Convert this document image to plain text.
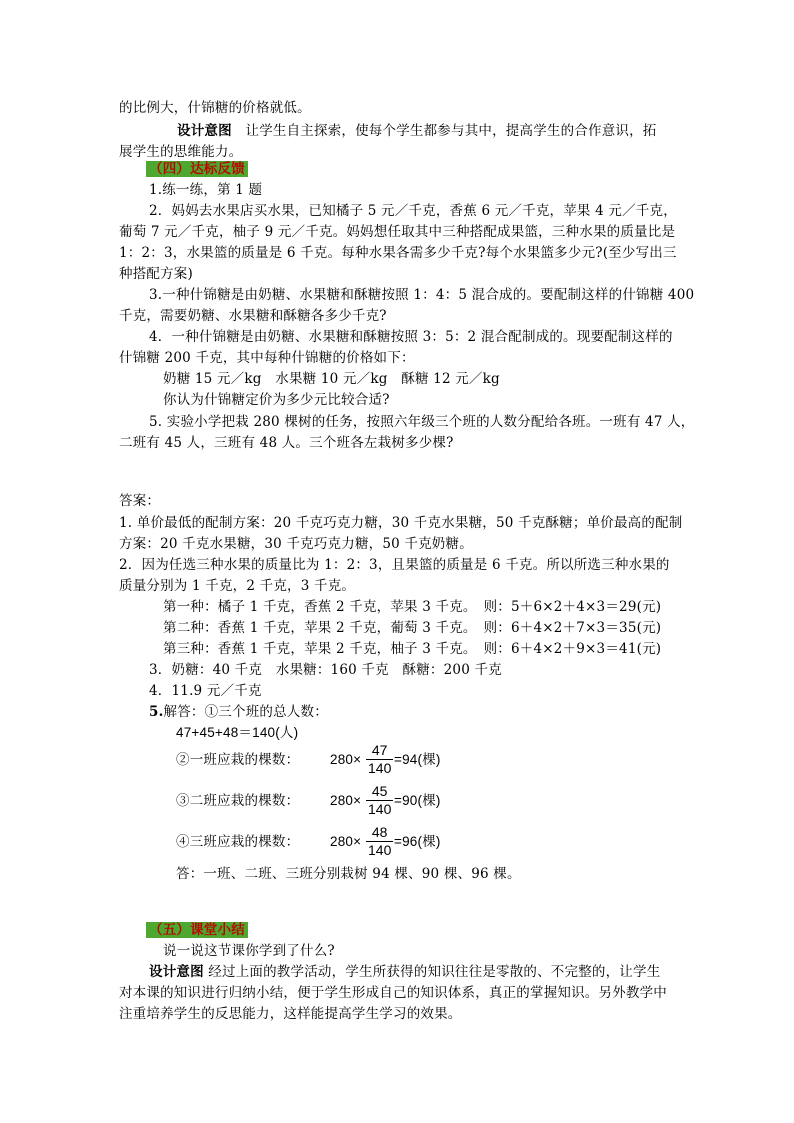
的比例大，什锦糖的价格就低。
设计意图　让学生自主探索，使每个学生都参与其中，提高学生的合作意识，拓
展学生的思维能力。
（四）达标反馈
1.练一练，第 1 题
2．妈妈去水果店买水果，已知橘子 5 元／千克，香蕉 6 元／千克，苹果 4 元／千克，
葡萄 7 元／千克，柚子 9 元／千克。妈妈想任取其中三种搭配成果篮，三种水果的质量比是
1：2：3，水果篮的质量是 6 千克。每种水果各需多少千克?每个水果篮多少元?(至少写出三
种搭配方案)
3.一种什锦糖是由奶糖、水果糖和酥糖按照 1：4：5 混合成的。要配制这样的什锦糖 400
千克，需要奶糖、水果糖和酥糖各多少千克?
4．一种什锦糖是由奶糖、水果糖和酥糖按照 3：5：2 混合配制成的。现要配制这样的
什锦糖 200 千克，其中每种什锦糖的价格如下：
奶糖 15 元／kg　水果糖 10 元／kg　酥糖 12 元／kg
你认为什锦糖定价为多少元比较合适?
5. 实验小学把栽 280 棵树的任务，按照六年级三个班的人数分配给各班。一班有 47 人，
二班有 45 人，三班有 48 人。三个班各左栽树多少棵?
答案：
1. 单价最低的配制方案：20 千克巧克力糖，30 千克水果糖，50 千克酥糖；单价最高的配制
方案：20 千克水果糖，30 千克巧克力糖，50 千克奶糖。
2．因为任选三种水果的质量比为 1：2：3，且果篮的质量是 6 千克。所以所选三种水果的
质量分别为 1 千克，2 千克，3 千克。
第一种：橘子 1 千克，香蕉 2 千克，苹果 3 千克。　则：5＋6×2＋4×3＝29(元)
第二种：香蕉 1 千克，苹果 2 千克，葡萄 3 千克。　则：6＋4×2＋7×3＝35(元)
第三种：香蕉 1 千克，苹果 2 千克，柚子 3 千克。　则：6＋4×2＋9×3＝41(元)
3．奶糖：40 千克　水果糖：160 千克　酥糖：200 千克
4．11.9 元／千克
5.解答：①三个班的总人数：
47+45+48＝140(人)
②一班应栽的棵数： $280\times \frac{47}{140} =94$(棵)
③二班应栽的棵数： $280\times \frac{45}{140} =90$(棵)
④三班应栽的棵数： $280\times \frac{48}{140} =96$(棵)
答：一班、二班、三班分别栽树 94 棵、90 棵、96 棵。
（五）课堂小结
说一说这节课你学到了什么?
设计意图 经过上面的教学活动，学生所获得的知识往往是零散的、不完整的，让学生
对本课的知识进行归纳小结，便于学生形成自己的知识体系，真正的掌握知识。另外教学中
注重培养学生的反思能力，这样能提高学生学习的效果。
